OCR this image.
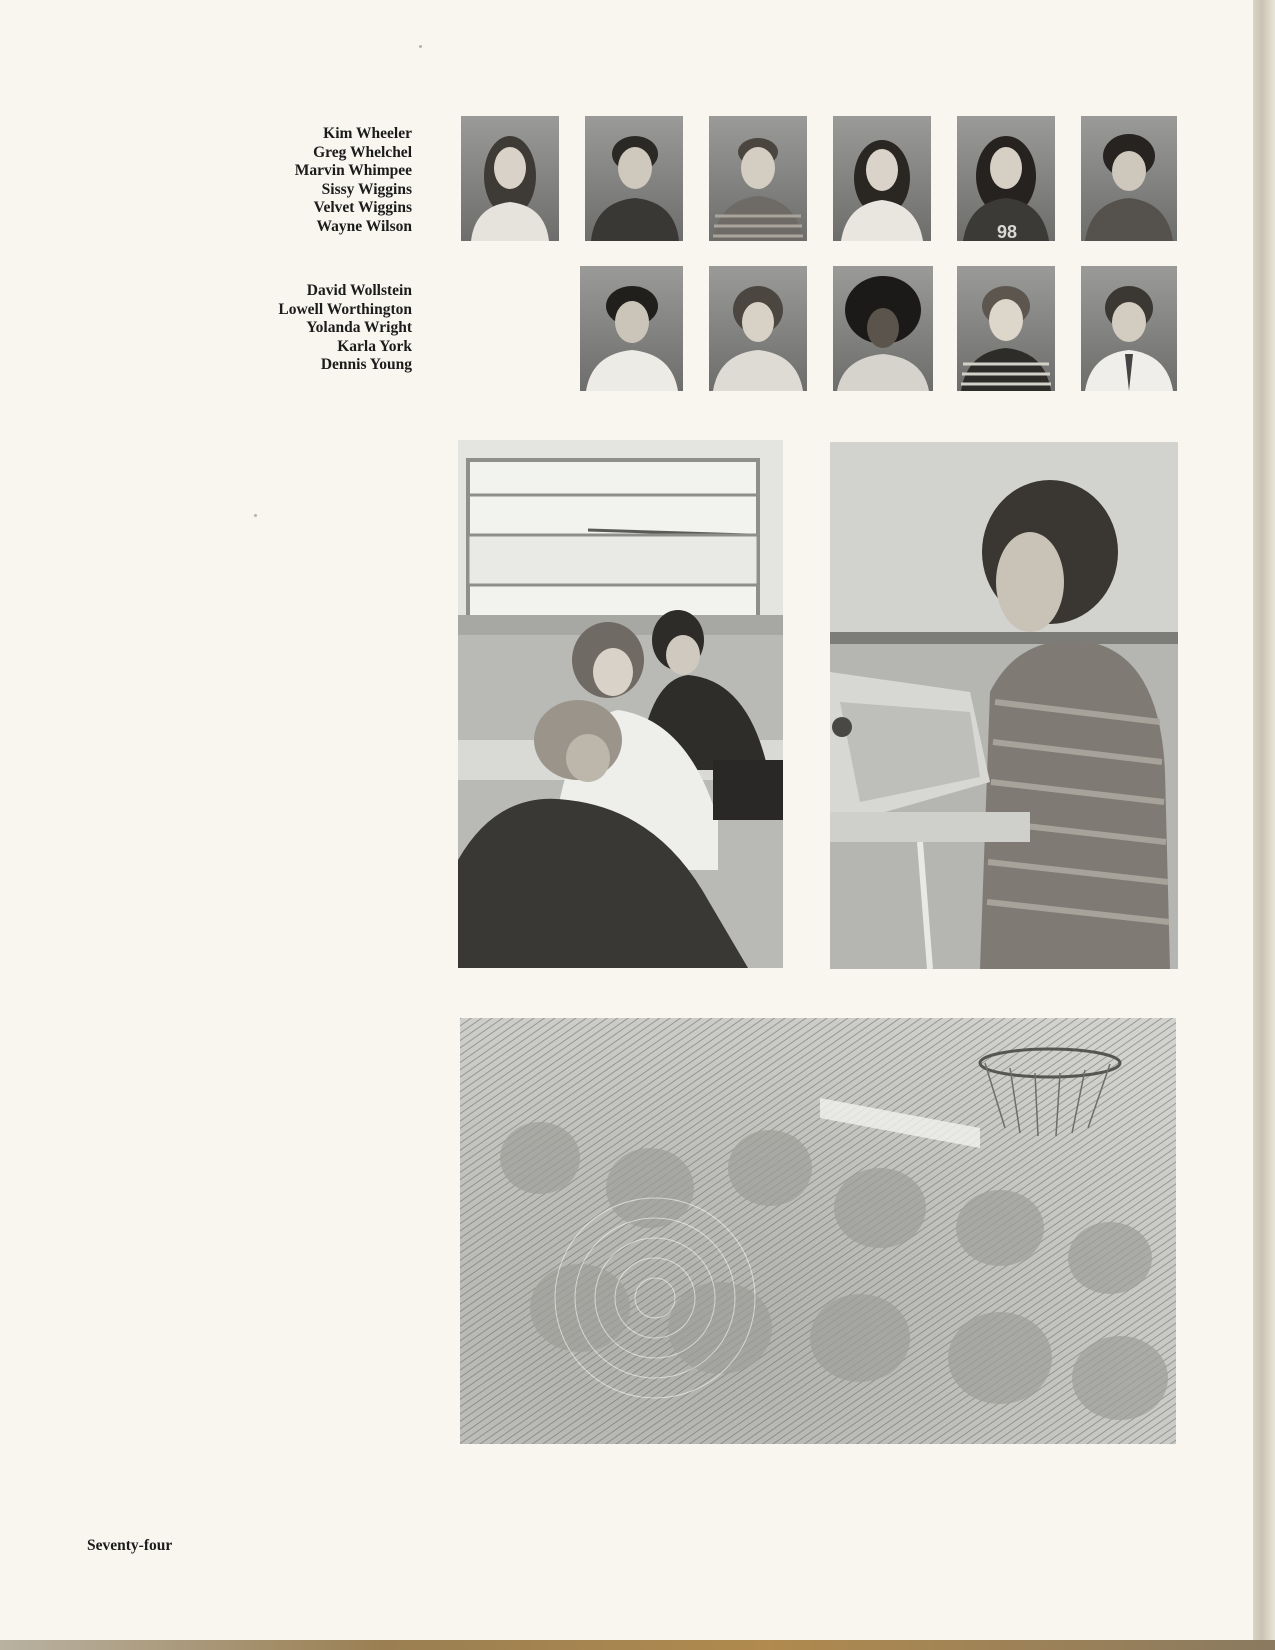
Kim Wheeler
Greg Whelchel
Marvin Whimpee
Sissy Wiggins
Velvet Wiggins
Wayne Wilson
David Wollstein
Lowell Worthington
Yolanda Wright
Karla York
Dennis Young
98
Seventy-four
